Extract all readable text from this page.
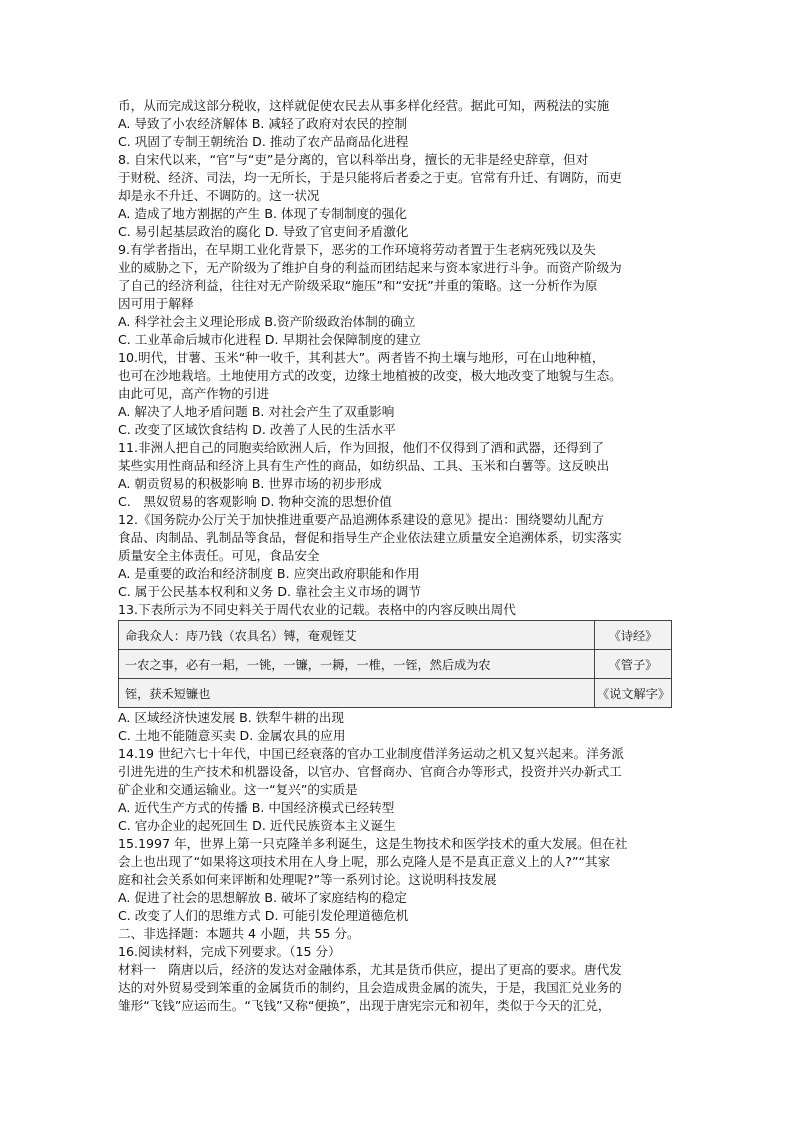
币，从而完成这部分税收，这样就促使农民去从事多样化经营。据此可知，两税法的实施
A. 导致了小农经济解体 B. 减轻了政府对农民的控制
C. 巩固了专制王朝统治 D. 推动了农产品商品化进程
8. 自宋代以来，“官”与“吏”是分离的，官以科举出身，擅长的无非是经史辞章，但对
于财税、经济、司法，均一无所长，于是只能将后者委之于吏。官常有升迁、有调防，而吏
却是永不升迁、不调防的。这一状况
A. 造成了地方割据的产生 B. 体现了专制制度的强化
C. 易引起基层政治的腐化 D. 导致了官吏间矛盾激化
9.有学者指出，在早期工业化背景下，恶劣的工作环境将劳动者置于生老病死残以及失
业的威胁之下，无产阶级为了维护自身的利益而团结起来与资本家进行斗争。而资产阶级为
了自己的经济利益，往往对无产阶级采取“施压”和“安抚”并重的策略。这一分析作为原
因可用于解释
A. 科学社会主义理论形成 B.资产阶级政治体制的确立
C. 工业革命后城市化进程 D. 早期社会保障制度的建立
10.明代，甘薯、玉米“种一收千，其利甚大”。两者皆不拘土壤与地形，可在山地种植，
也可在沙地栽培。土地使用方式的改变，边缘土地植被的改变，极大地改变了地貌与生态。
由此可见，高产作物的引进
A. 解决了人地矛盾问题 B. 对社会产生了双重影响
C. 改变了区域饮食结构 D. 改善了人民的生活水平
11.非洲人把自己的同胞卖给欧洲人后，作为回报，他们不仅得到了酒和武器，还得到了
某些实用性商品和经济上具有生产性的商品，如纺织品、工具、玉米和白薯等。这反映出
A. 朝贡贸易的积极影响 B. 世界市场的初步形成
C.　黑奴贸易的客观影响 D. 物种交流的思想价值
12.《国务院办公厅关于加快推进重要产品追溯体系建设的意见》提出：围绕婴幼儿配方
食品、肉制品、乳制品等食品，督促和指导生产企业依法建立质量安全追溯体系，切实落实
质量安全主体责任。可见，食品安全
A. 是重要的政治和经济制度 B. 应突出政府职能和作用
C. 属于公民基本权利和义务 D. 靠社会主义市场的调节
13.下表所示为不同史料关于周代农业的记载。表格中的内容反映出周代
命我众人：庤乃钱（农具名）镈，奄观铚艾	《诗经》
一农之事，必有一耜，一铫，一镰，一耨，一椎，一铚，然后成为农	《管子》
铚，获禾短镰也	《说文解字》
A. 区域经济快速发展 B. 铁犁牛耕的出现
C. 土地不能随意买卖 D. 金属农具的应用
14.19 世纪六七十年代，中国已经衰落的官办工业制度借洋务运动之机又复兴起来。洋务派
引进先进的生产技术和机器设备，以官办、官督商办、官商合办等形式，投资并兴办新式工
矿企业和交通运输业。这一“复兴”的实质是
A. 近代生产方式的传播 B. 中国经济模式已经转型
C. 官办企业的起死回生 D. 近代民族资本主义诞生
15.1997 年，世界上第一只克隆羊多利诞生，这是生物技术和医学技术的重大发展。但在社
会上也出现了“如果将这项技术用在人身上呢，那么克隆人是不是真正意义上的人?”“其家
庭和社会关系如何来评断和处理呢?”等一系列讨论。这说明科技发展
A. 促进了社会的思想解放 B. 破坏了家庭结构的稳定
C. 改变了人们的思维方式 D. 可能引发伦理道德危机
二、非选择题：本题共 4 小题，共 55 分。
16.阅读材料，完成下列要求。（15 分）
材料一　隋唐以后，经济的发达对金融体系，尤其是货币供应，提出了更高的要求。唐代发
达的对外贸易受到笨重的金属货币的制约，且会造成贵金属的流失，于是，我国汇兑业务的
雏形“飞钱”应运而生。“飞钱”又称“便换”，出现于唐宪宗元和初年，类似于今天的汇兑，
